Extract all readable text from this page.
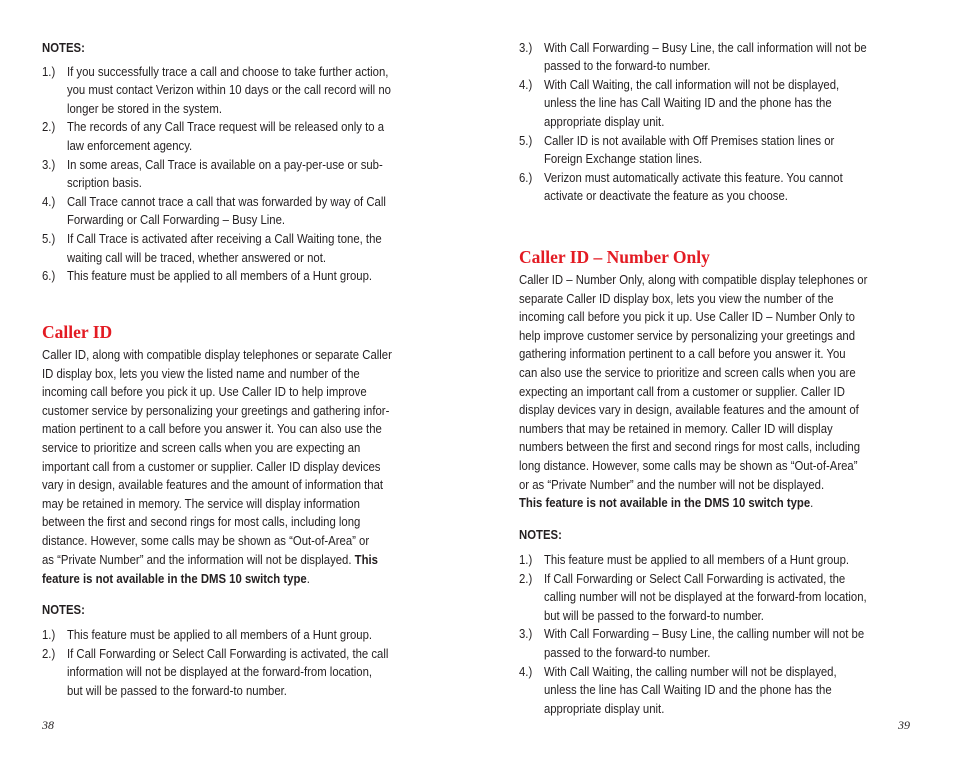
NOTES:
1.) If you successfully trace a call and choose to take further action,
you must contact Verizon within 10 days or the call record will no
longer be stored in the system.
2.) The records of any Call Trace request will be released only to a
law enforcement agency.
3.) In some areas, Call Trace is available on a pay-per-use or sub-
scription basis.
4.) Call Trace cannot trace a call that was forwarded by way of Call
Forwarding or Call Forwarding – Busy Line.
5.) If Call Trace is activated after receiving a Call Waiting tone, the
waiting call will be traced, whether answered or not.
6.) This feature must be applied to all members of a Hunt group.
Caller ID
Caller ID, along with compatible display telephones or separate Caller
ID display box, lets you view the listed name and number of the
incoming call before you pick it up. Use Caller ID to help improve
customer service by personalizing your greetings and gathering infor-
mation pertinent to a call before you answer it. You can also use the
service to prioritize and screen calls when you are expecting an
important call from a customer or supplier. Caller ID display devices
vary in design, available features and the amount of information that
may be retained in memory. The service will display information
between the first and second rings for most calls, including long
distance. However, some calls may be shown as “Out-of-Area” or
as “Private Number” and the information will not be displayed. This
feature is not available in the DMS 10 switch type.
NOTES:
1.) This feature must be applied to all members of a Hunt group.
2.) If Call Forwarding or Select Call Forwarding is activated, the call
information will not be displayed at the forward-from location,
but will be passed to the forward-to number.
38
3.) With Call Forwarding – Busy Line, the call information will not be
passed to the forward-to number.
4.) With Call Waiting, the call information will not be displayed,
unless the line has Call Waiting ID and the phone has the
appropriate display unit.
5.) Caller ID is not available with Off Premises station lines or
Foreign Exchange station lines.
6.) Verizon must automatically activate this feature. You cannot
activate or deactivate the feature as you choose.
Caller ID – Number Only
Caller ID – Number Only, along with compatible display telephones or
separate Caller ID display box, lets you view the number of the
incoming call before you pick it up. Use Caller ID – Number Only to
help improve customer service by personalizing your greetings and
gathering information pertinent to a call before you answer it. You
can also use the service to prioritize and screen calls when you are
expecting an important call from a customer or supplier. Caller ID
display devices vary in design, available features and the amount of
numbers that may be retained in memory. Caller ID will display
numbers between the first and second rings for most calls, including
long distance. However, some calls may be shown as “Out-of-Area”
or as “Private Number” and the number will not be displayed.
This feature is not available in the DMS 10 switch type.
NOTES:
1.) This feature must be applied to all members of a Hunt group.
2.) If Call Forwarding or Select Call Forwarding is activated, the
calling number will not be displayed at the forward-from location,
but will be passed to the forward-to number.
3.) With Call Forwarding – Busy Line, the calling number will not be
passed to the forward-to number.
4.) With Call Waiting, the calling number will not be displayed,
unless the line has Call Waiting ID and the phone has the
appropriate display unit.
39
